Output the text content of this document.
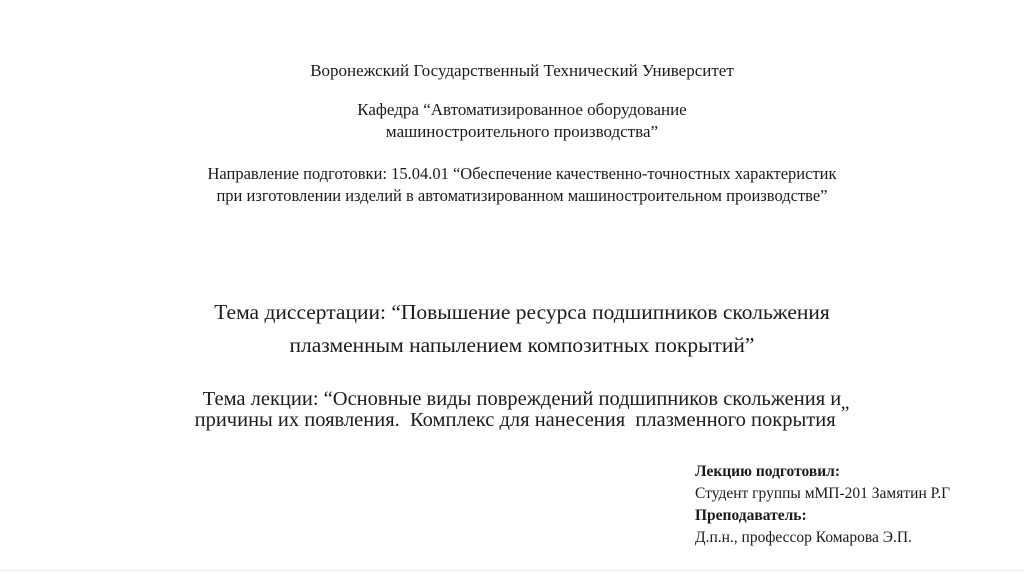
Воронежский Государственный Технический Университет
Кафедра “Автоматизированное оборудование
машиностроительного производства”
Направление подготовки: 15.04.01 “Обеспечение качественно-точностных характеристик
при изготовлении изделий в автоматизированном машиностроительном производстве”
Тема диссертации: “Повышение ресурса подшипников скольжения
плазменным напылением композитных покрытий”
Тема лекции: “Основные виды повреждений подшипников скольжения и
причины их появления.  Комплекс для нанесения  плазменного покрытия ”
Лекцию подготовил:
Студент группы мМП-201 Замятин Р.Г
Преподаватель:
Д.п.н., профессор Комарова Э.П.
